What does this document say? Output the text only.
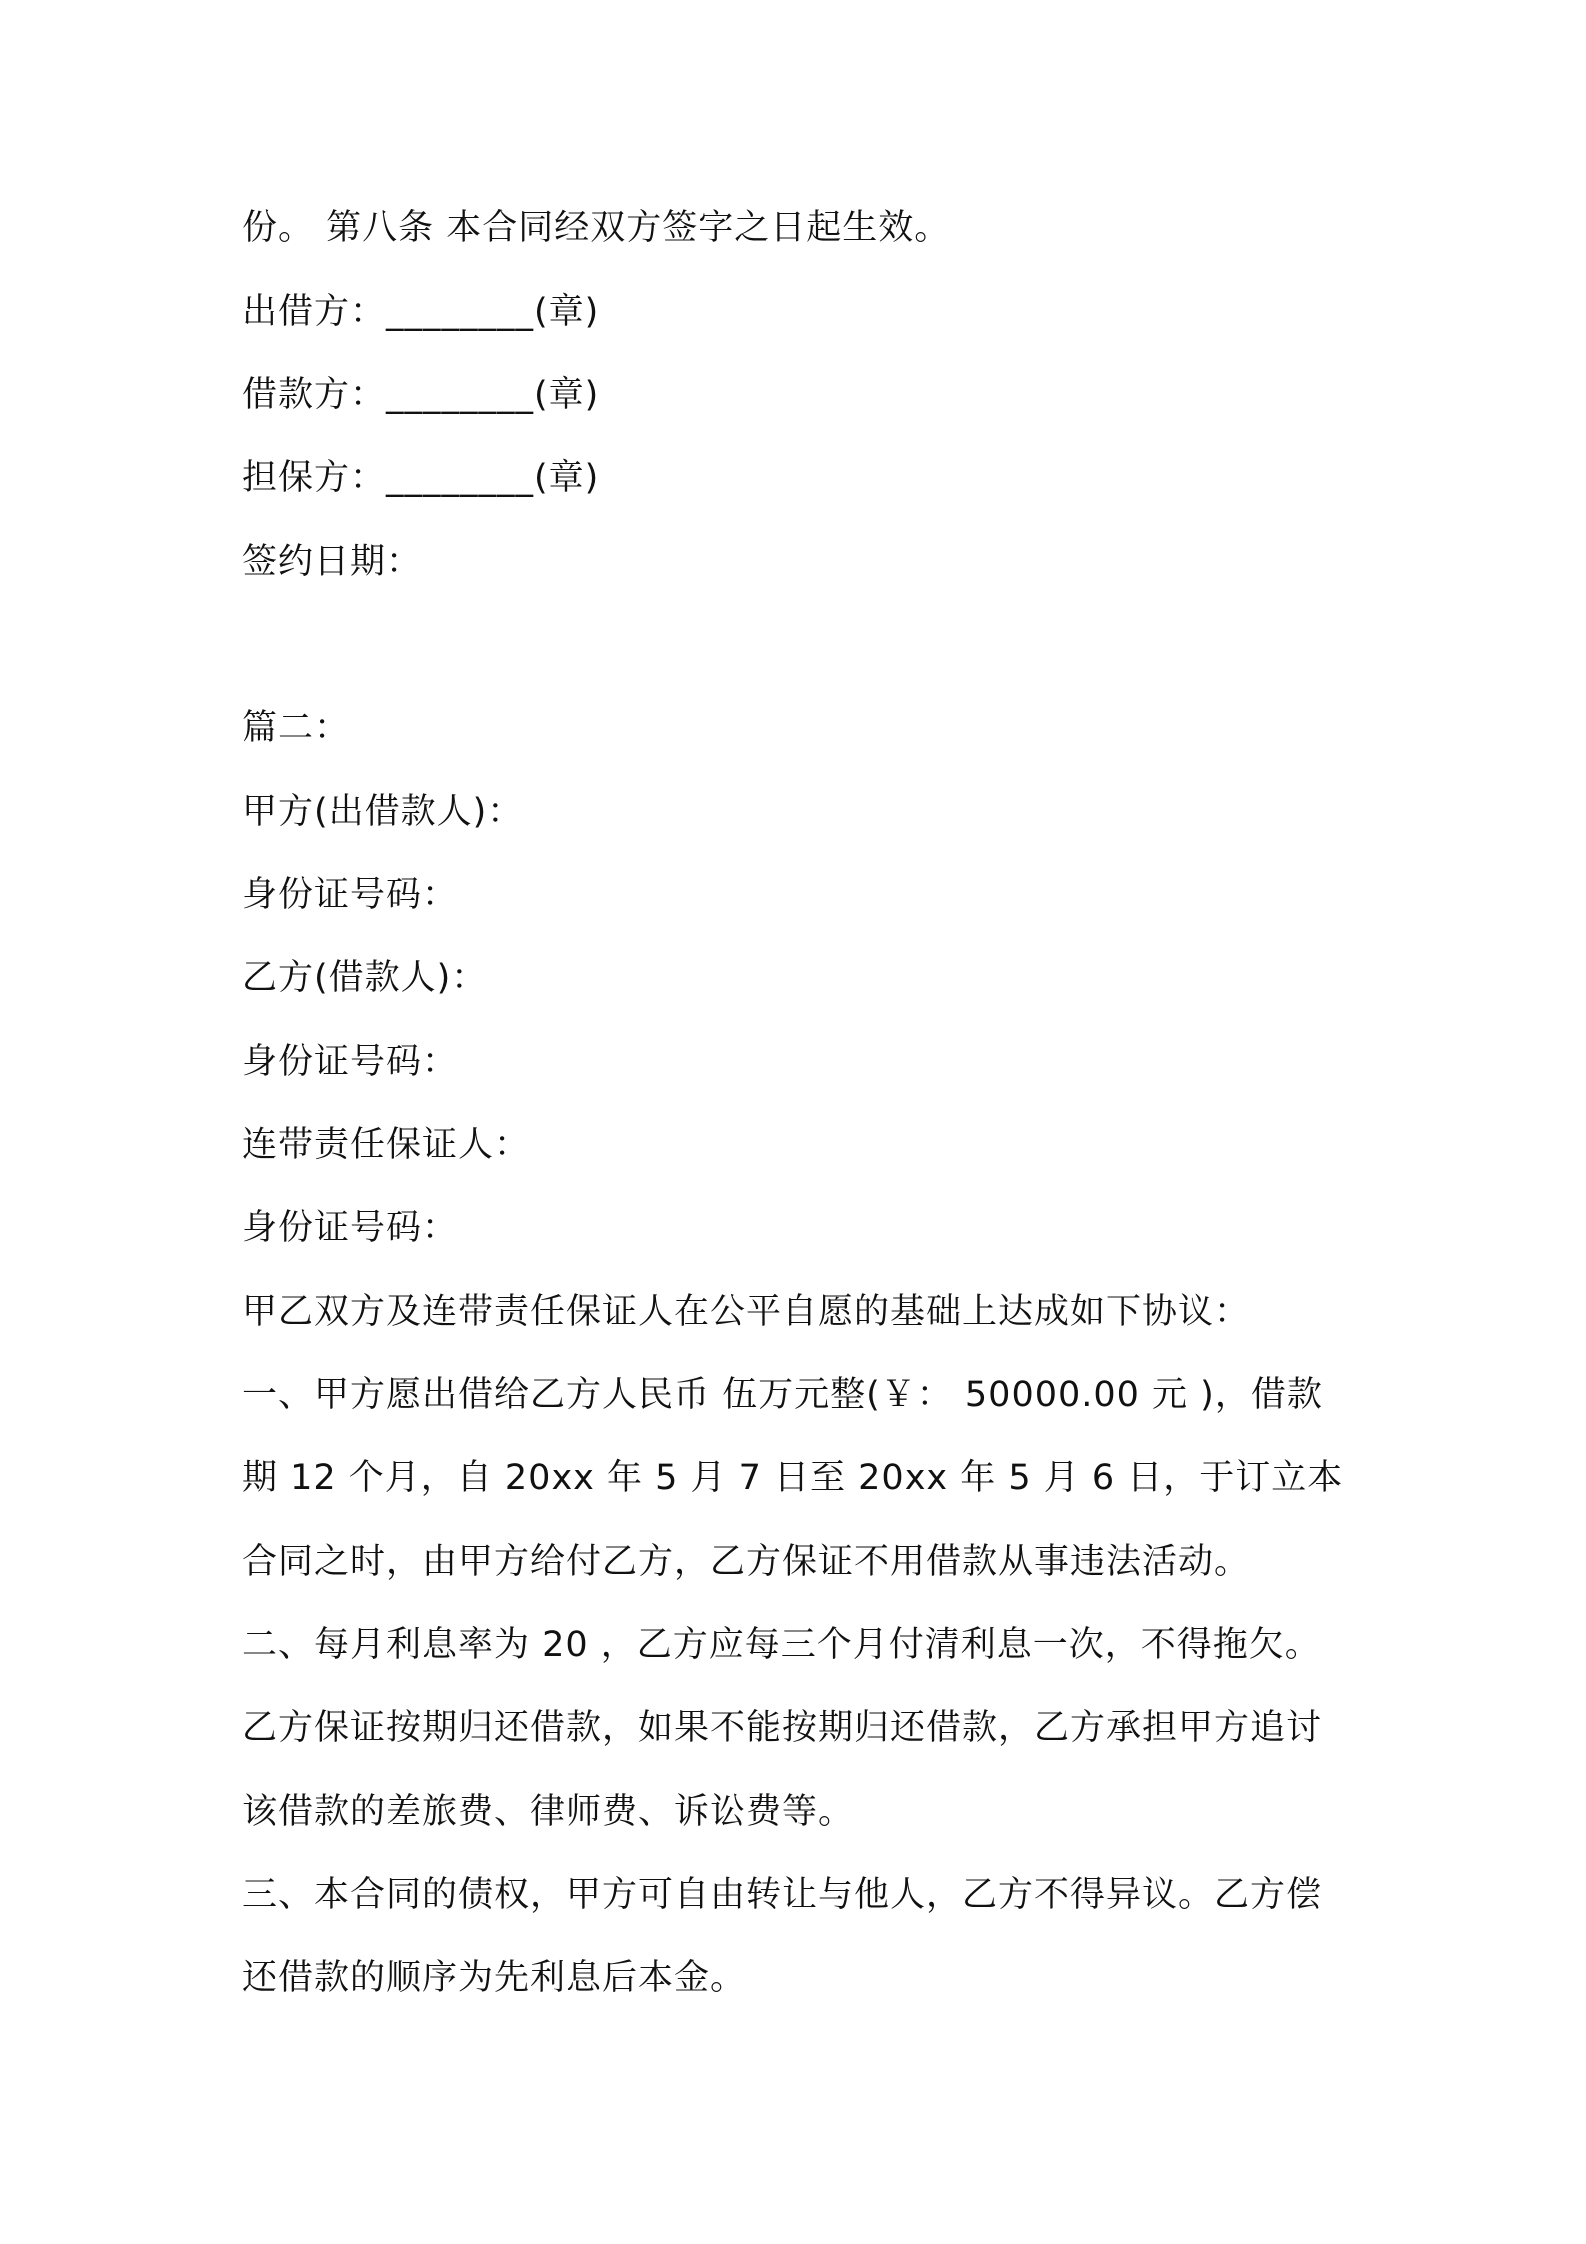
份。 第八条 本合同经双方签字之日起生效。
出借方：________(章)
借款方：________(章)
担保方：________(章)
签约日期：
篇二：
甲方(出借款人)：
身份证号码：
乙方(借款人)：
身份证号码：
连带责任保证人：
身份证号码：
甲乙双方及连带责任保证人在公平自愿的基础上达成如下协议：
一、甲方愿出借给乙方人民币 伍万元整(￥： 50000.00 元 )，借款
期 12 个月，自 20xx 年 5 月 7 日至 20xx 年 5 月 6 日，于订立本
合同之时，由甲方给付乙方，乙方保证不用借款从事违法活动。
二、每月利息率为 20 ，乙方应每三个月付清利息一次，不得拖欠。
乙方保证按期归还借款，如果不能按期归还借款，乙方承担甲方追讨
该借款的差旅费、律师费、诉讼费等。
三、本合同的债权，甲方可自由转让与他人，乙方不得异议。乙方偿
还借款的顺序为先利息后本金。
